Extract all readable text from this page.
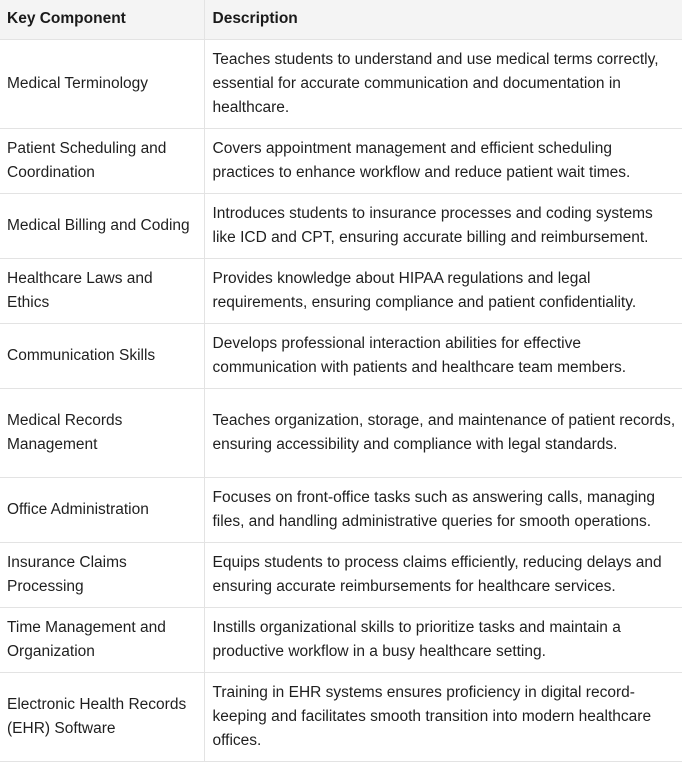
Key Component	Description
Medical Terminology	Teaches students to understand and use medical terms correctly, essential for accurate communication and documentation in healthcare.
Patient Scheduling and Coordination	Covers appointment management and efficient scheduling practices to enhance workflow and reduce patient wait times.
Medical Billing and Coding	Introduces students to insurance processes and coding systems like ICD and CPT, ensuring accurate billing and reimbursement.
Healthcare Laws and Ethics	Provides knowledge about HIPAA regulations and legal requirements, ensuring compliance and patient confidentiality.
Communication Skills	Develops professional interaction abilities for effective communication with patients and healthcare team members.
Medical Records Management	Teaches organization, storage, and maintenance of patient records, ensuring accessibility and compliance with legal standards.
Office Administration	Focuses on front-office tasks such as answering calls, managing files, and handling administrative queries for smooth operations.
Insurance Claims Processing	Equips students to process claims efficiently, reducing delays and ensuring accurate reimbursements for healthcare services.
Time Management and Organization	Instills organizational skills to prioritize tasks and maintain a productive workflow in a busy healthcare setting.
Electronic Health Records (EHR) Software	Training in EHR systems ensures proficiency in digital record-keeping and facilitates smooth transition into modern healthcare offices.
